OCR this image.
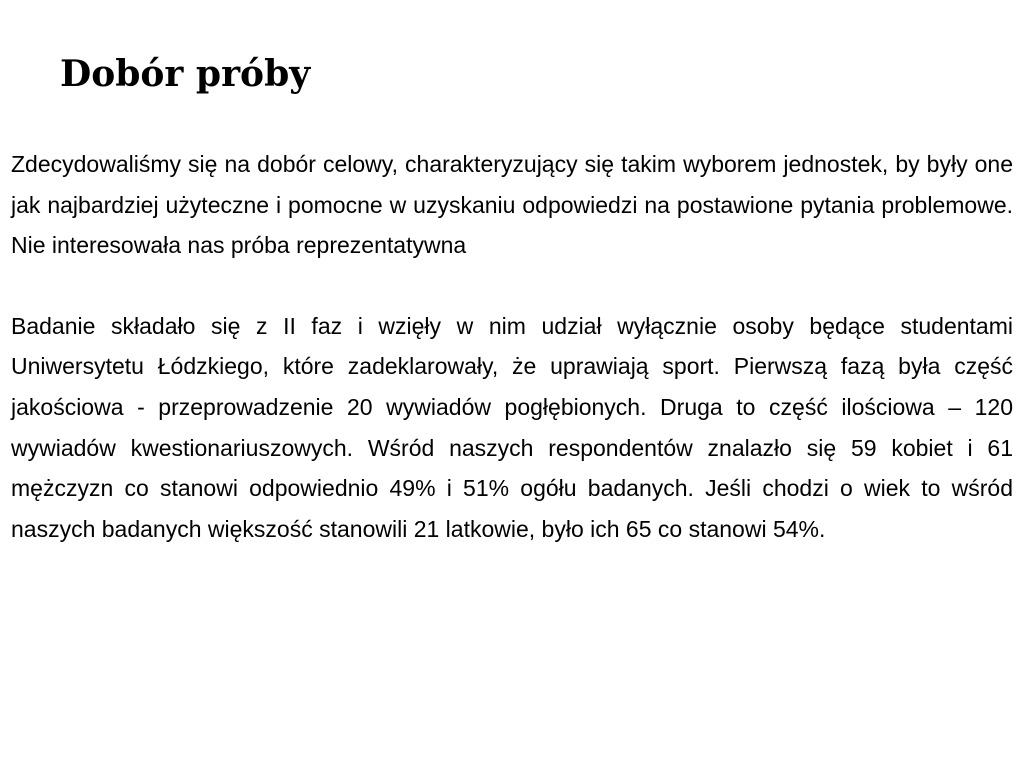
Dobór próby

Zdecydowaliśmy się na dobór celowy, charakteryzujący się takim wyborem jednostek, by były one jak najbardziej użyteczne i pomocne w uzyskaniu odpowiedzi na postawione pytania problemowe. Nie interesowała nas próba reprezentatywna

Badanie składało się z II faz i wzięły w nim udział wyłącznie osoby będące studentami Uniwersytetu Łódzkiego, które zadeklarowały, że uprawiają sport. Pierwszą fazą była część jakościowa - przeprowadzenie 20 wywiadów pogłębionych. Druga to część ilościowa – 120 wywiadów kwestionariuszowych. Wśród naszych respondentów znalazło się 59 kobiet i 61 mężczyzn co stanowi odpowiednio 49% i 51% ogółu badanych. Jeśli chodzi o wiek to wśród naszych badanych większość stanowili 21 latkowie, było ich 65 co stanowi 54%.
